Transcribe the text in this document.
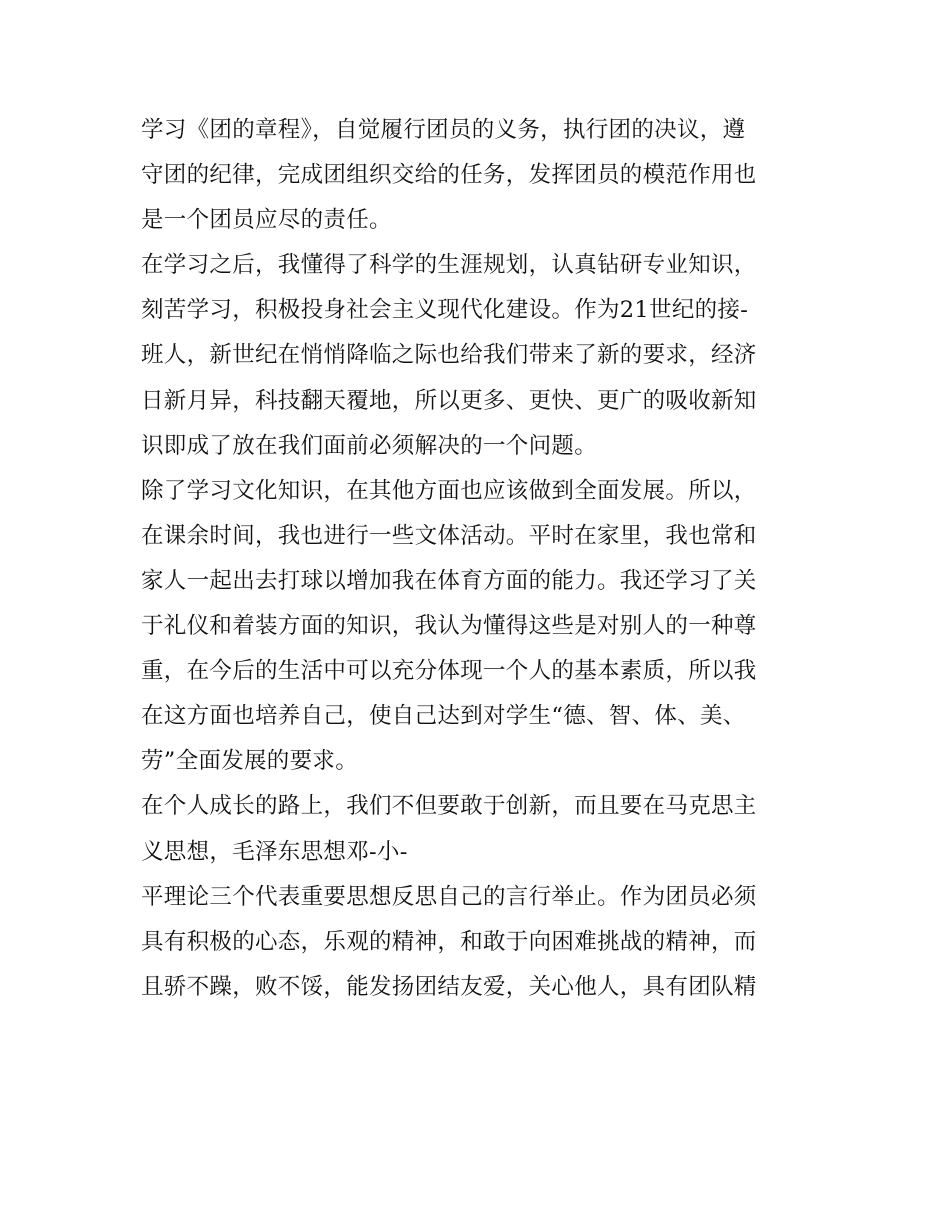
学习《团的章程》，自觉履行团员的义务，执行团的决议，遵
守团的纪律，完成团组织交给的任务，发挥团员的模范作用也
是一个团员应尽的责任。
在学习之后，我懂得了科学的生涯规划，认真钻研专业知识，
刻苦学习，积极投身社会主义现代化建设。作为21世纪的接-
班人，新世纪在悄悄降临之际也给我们带来了新的要求，经济
日新月异，科技翻天覆地，所以更多、更快、更广的吸收新知
识即成了放在我们面前必须解决的一个问题。
除了学习文化知识，在其他方面也应该做到全面发展。所以，
在课余时间，我也进行一些文体活动。平时在家里，我也常和
家人一起出去打球以增加我在体育方面的能力。我还学习了关
于礼仪和着装方面的知识，我认为懂得这些是对别人的一种尊
重，在今后的生活中可以充分体现一个人的基本素质，所以我
在这方面也培养自己，使自己达到对学生“德、智、体、美、
劳”全面发展的要求。
在个人成长的路上，我们不但要敢于创新，而且要在马克思主
义思想，毛泽东思想邓-小-
平理论三个代表重要思想反思自己的言行举止。作为团员必须
具有积极的心态，乐观的精神，和敢于向困难挑战的精神，而
且骄不躁，败不馁，能发扬团结友爱，关心他人，具有团队精
